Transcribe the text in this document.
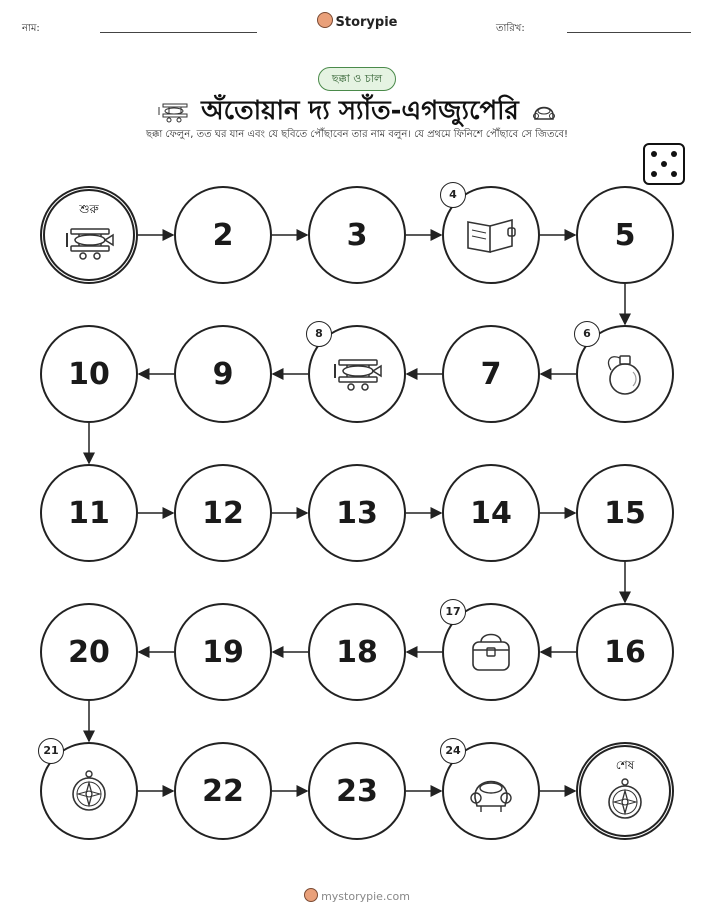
নাম:	Storypie	তারিখ:
ছক্কা ও চাল
অঁতোয়ান দ্য স্যাঁত-এগজ্যুপেরি
ছক্কা ফেলুন, তত ঘর যান এবং যে ছবিতে পৌঁছাবেন তার নাম বলুন। যে প্রথমে ফিনিশে পৌঁছাবে সে জিতবে!
শুরু
2	3
4
5
6
7
8
9
10
11	12	13	14	15
16
17
18
19
20
21
22	23
24
শেষ
mystorypie.com
